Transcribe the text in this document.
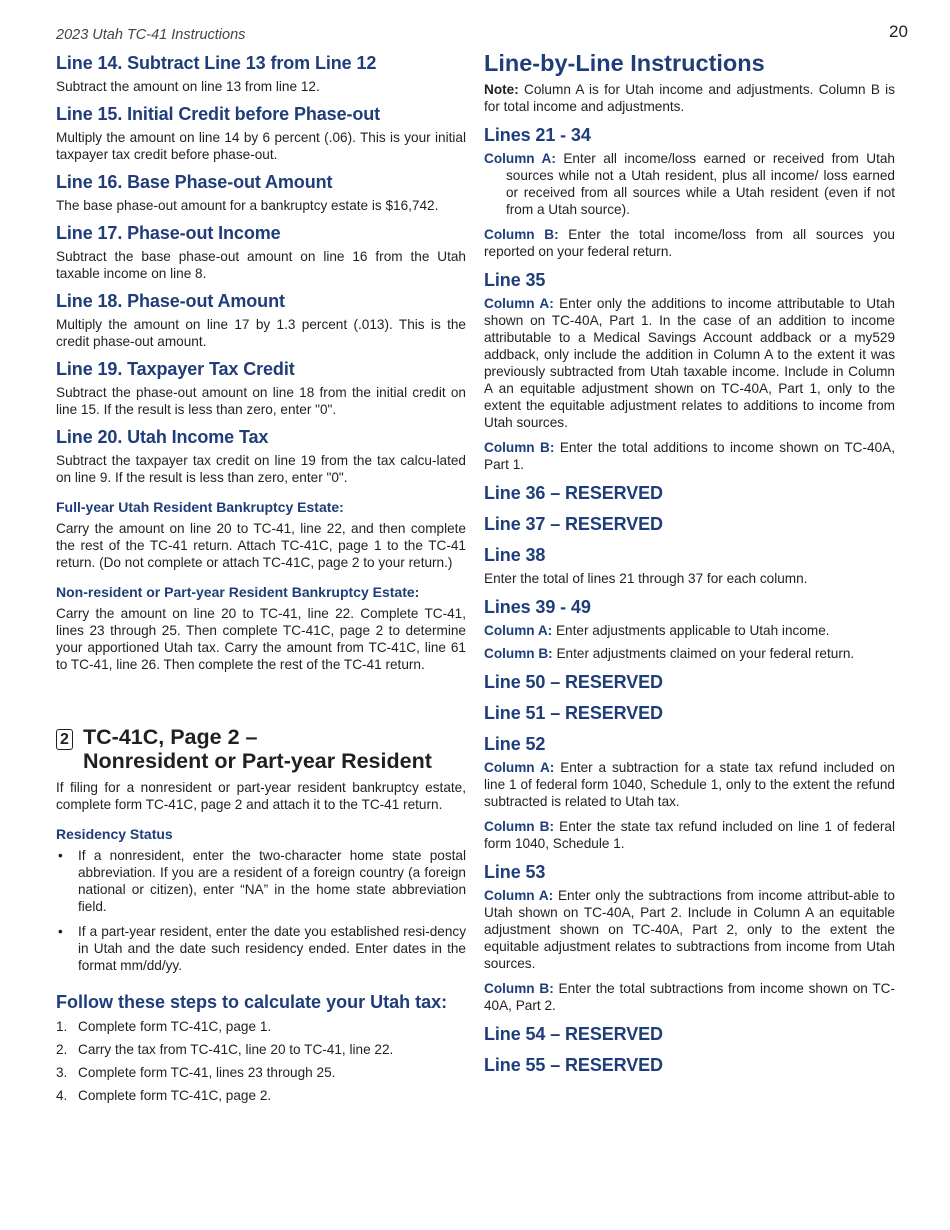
2023 Utah TC-41 Instructions	20
Line 14. Subtract Line 13 from Line 12

Subtract the amount on line 13 from line 12.

Line 15. Initial Credit before Phase-out

Multiply the amount on line 14 by 6 percent (.06). This is your initial taxpayer tax credit before phase-out.

Line 16. Base Phase-out Amount

The base phase-out amount for a bankruptcy estate is $16,742.

Line 17. Phase-out Income

Subtract the base phase-out amount on line 16 from the Utah taxable income on line 8.

Line 18. Phase-out Amount

Multiply the amount on line 17 by 1.3 percent (.013). This is the credit phase-out amount.

Line 19. Taxpayer Tax Credit

Subtract the phase-out amount on line 18 from the initial credit on line 15. If the result is less than zero, enter "0".

Line 20. Utah Income Tax

Subtract the taxpayer tax credit on line 19 from the tax calcu-lated on line 9. If the result is less than zero, enter "0".

Full-year Utah Resident Bankruptcy Estate:

Carry the amount on line 20 to TC-41, line 22, and then complete the rest of the TC-41 return. Attach TC-41C, page 1 to the TC-41 return. (Do not complete or attach TC-41C, page 2 to your return.)

Non-resident or Part-year Resident Bankruptcy Estate:

Carry the amount on line 20 to TC-41, line 22. Complete TC-41, lines 23 through 25. Then complete TC-41C, page 2 to determine your apportioned Utah tax. Carry the amount from TC-41C, line 61 to TC-41, line 26. Then complete the rest of the TC-41 return.

2 TC-41C, Page 2 –
Nonresident or Part-year Resident

If filing for a nonresident or part-year resident bankruptcy estate, complete form TC-41C, page 2 and attach it to the TC-41 return.

Residency Status
• If a nonresident, enter the two-character home state postal abbreviation. If you are a resident of a foreign country (a foreign national or citizen), enter “NA” in the home state abbreviation field.
• If a part-year resident, enter the date you established resi-dency in Utah and the date such residency ended. Enter dates in the format mm/dd/yy.
Follow these steps to calculate your Utah tax:
1. Complete form TC-41C, page 1.
2. Carry the tax from TC-41C, line 20 to TC-41, line 22.
3. Complete form TC-41, lines 23 through 25.
4. Complete form TC-41C, page 2.
Line-by-Line Instructions

Note: Column A is for Utah income and adjustments. Column B is for total income and adjustments.

Lines 21 - 34

Column A: Enter all income/loss earned or received from Utah sources while not a Utah resident, plus all income/ loss earned or received from all sources while a Utah resident (even if not from a Utah source).

Column B: Enter the total income/loss from all sources you reported on your federal return.

Line 35

Column A: Enter only the additions to income attributable to Utah shown on TC-40A, Part 1. In the case of an addition to income attributable to a Medical Savings Account addback or a my529 addback, only include the addition in Column A to the extent it was previously subtracted from Utah taxable income. Include in Column A an equitable adjustment shown on TC-40A, Part 1, only to the extent the equitable adjustment relates to additions to income from Utah sources.

Column B: Enter the total additions to income shown on TC-40A, Part 1.

Line 36 – RESERVED
Line 37 – RESERVED
Line 38

Enter the total of lines 21 through 37 for each column.

Lines 39 - 49

Column A: Enter adjustments applicable to Utah income.

Column B: Enter adjustments claimed on your federal return.

Line 50 – RESERVED
Line 51 – RESERVED
Line 52

Column A: Enter a subtraction for a state tax refund included on line 1 of federal form 1040, Schedule 1, only to the extent the refund subtracted is related to Utah tax.

Column B: Enter the state tax refund included on line 1 of federal form 1040, Schedule 1.

Line 53

Column A: Enter only the subtractions from income attribut-able to Utah shown on TC-40A, Part 2. Include in Column A an equitable adjustment shown on TC-40A, Part 2, only to the extent the equitable adjustment relates to subtractions from income from Utah sources.

Column B: Enter the total subtractions from income shown on TC-40A, Part 2.

Line 54 – RESERVED
Line 55 – RESERVED
